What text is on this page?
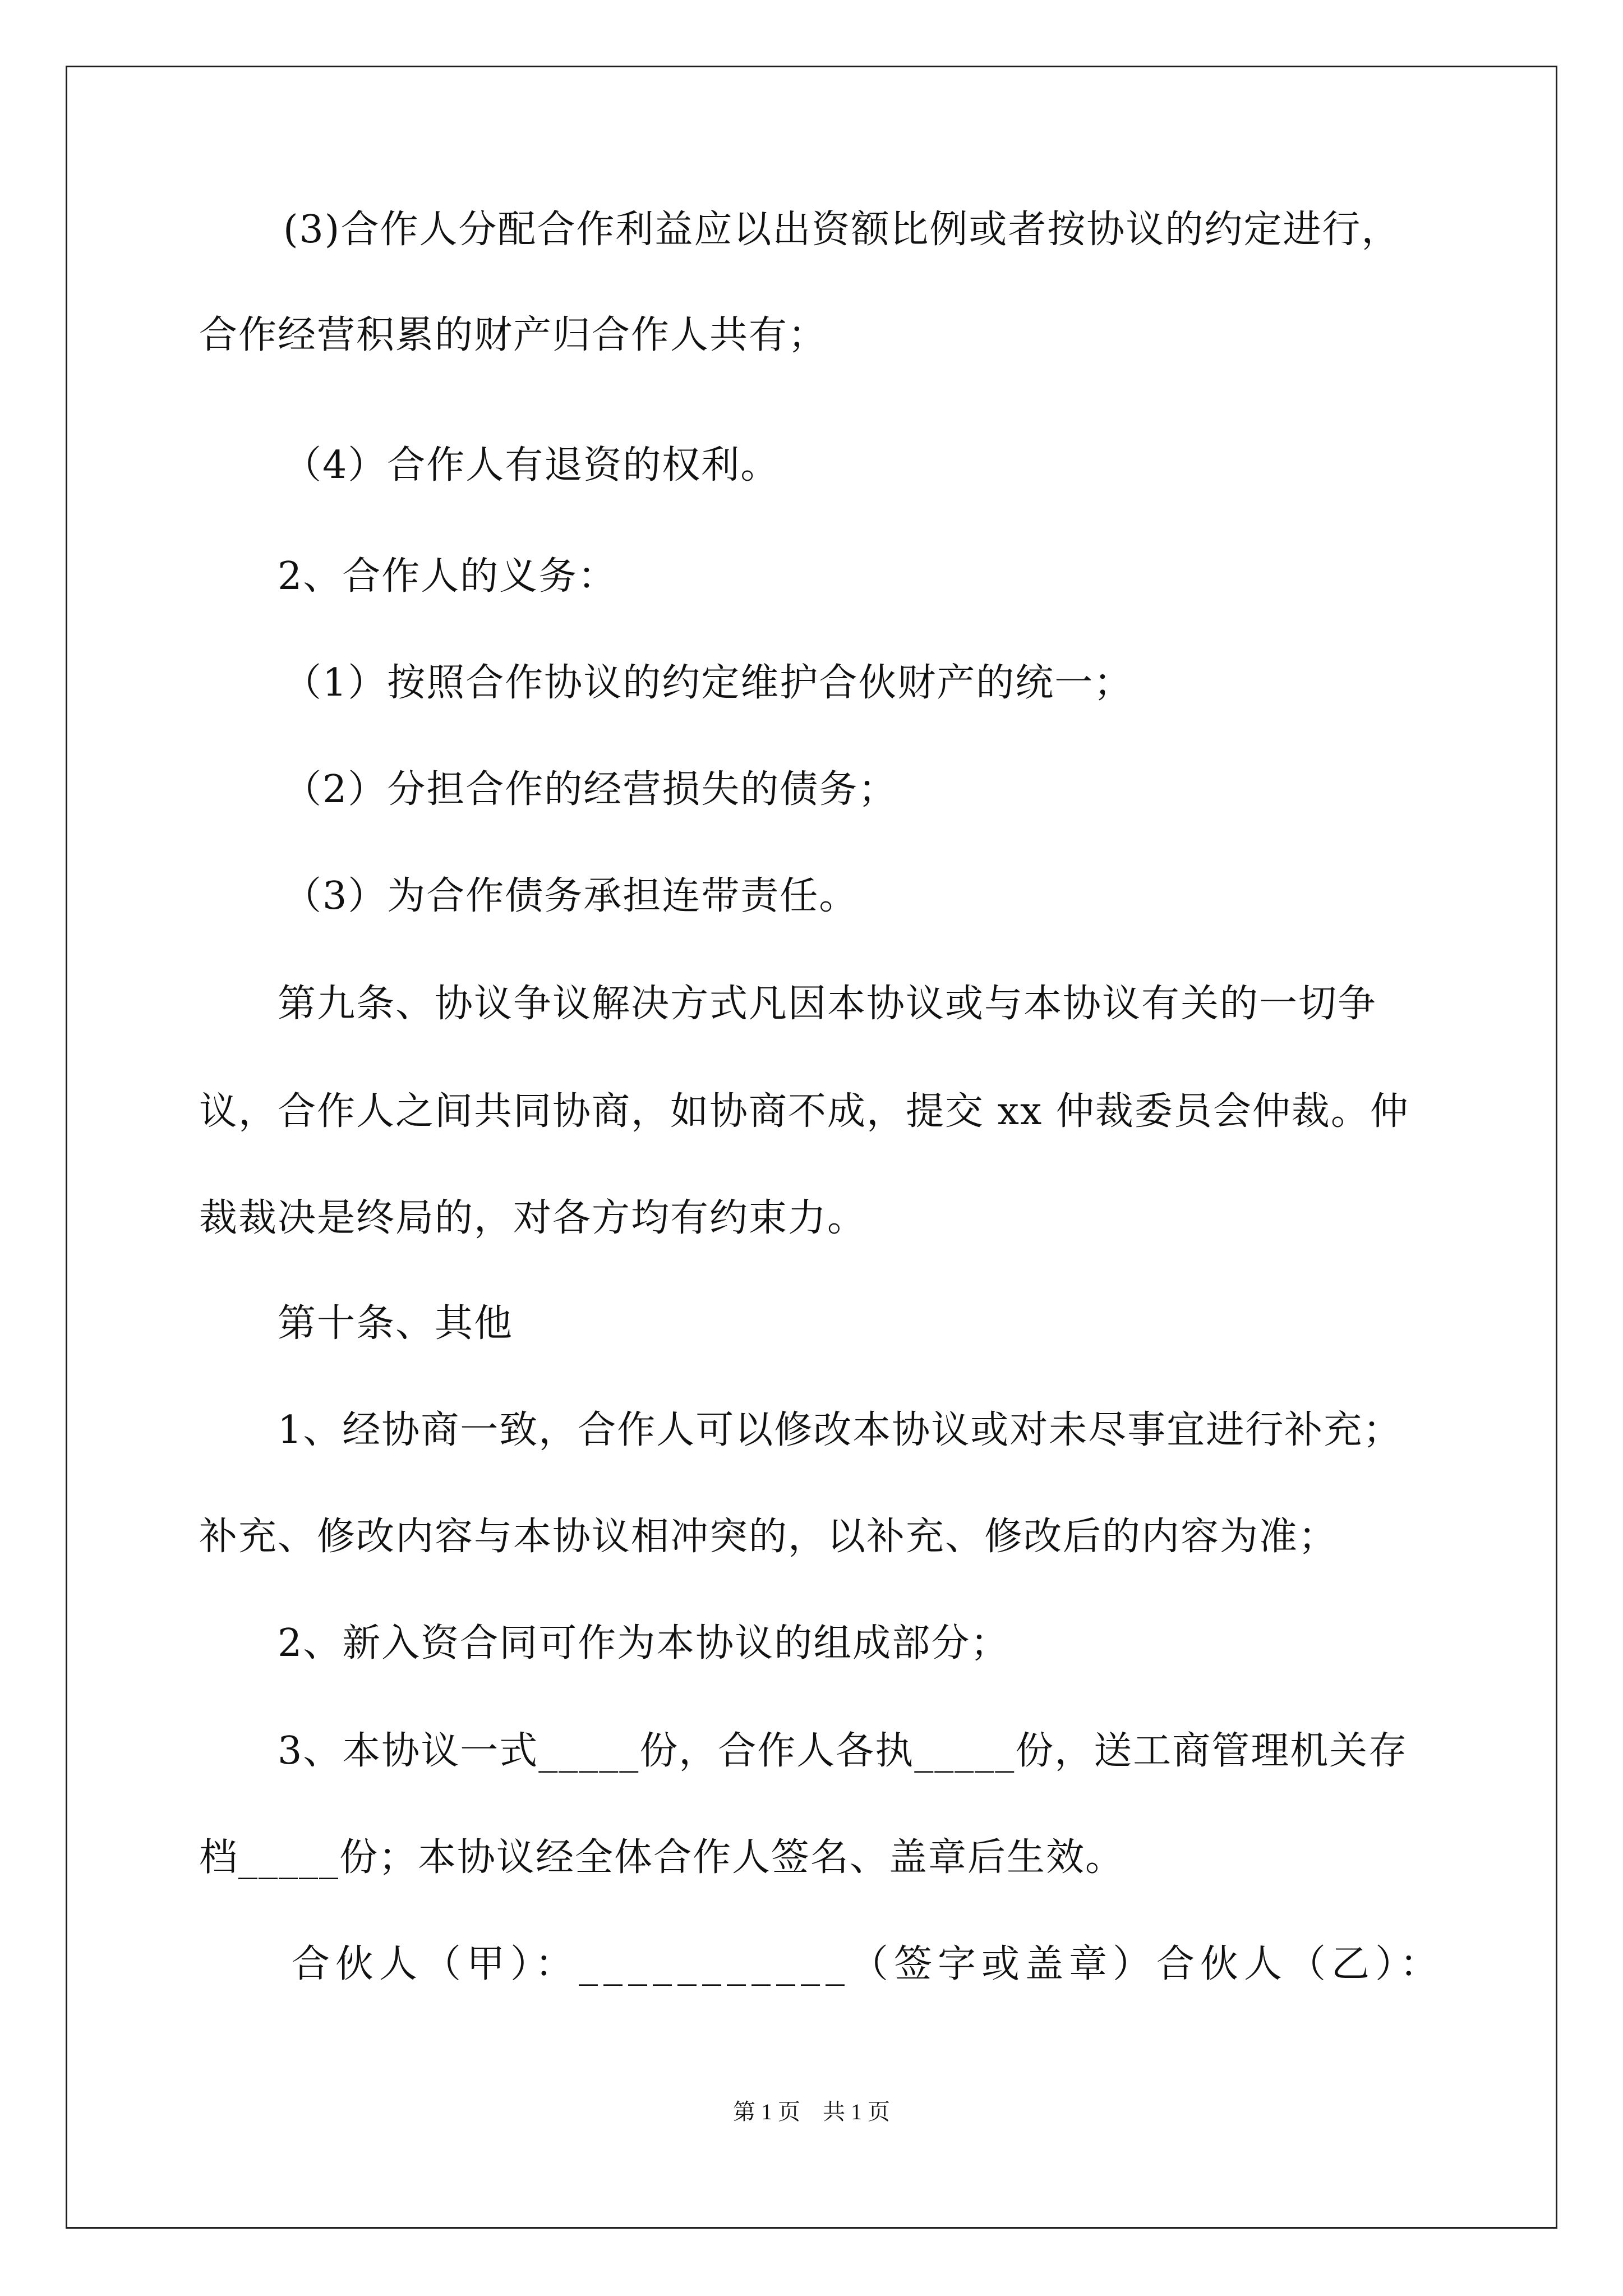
(3)合作人分配合作利益应以出资额比例或者按协议的约定进行，
合作经营积累的财产归合作人共有；
（4）合作人有退资的权利。
2、合作人的义务：
（1）按照合作协议的约定维护合伙财产的统一；
（2）分担合作的经营损失的债务；
（3）为合作债务承担连带责任。
第九条、协议争议解决方式凡因本协议或与本协议有关的一切争
议，合作人之间共同协商，如协商不成，提交 xx 仲裁委员会仲裁。仲
裁裁决是终局的，对各方均有约束力。
第十条、其他
1、经协商一致，合作人可以修改本协议或对未尽事宜进行补充；
补充、修改内容与本协议相冲突的，以补充、修改后的内容为准；
2、新入资合同可作为本协议的组成部分；
3、本协议一式_____份，合作人各执_____份，送工商管理机关存
档_____份；本协议经全体合作人签名、盖章后生效。
合伙人（甲）：___________（签字或盖章）合伙人（乙）：
第 1 页　共 1 页
